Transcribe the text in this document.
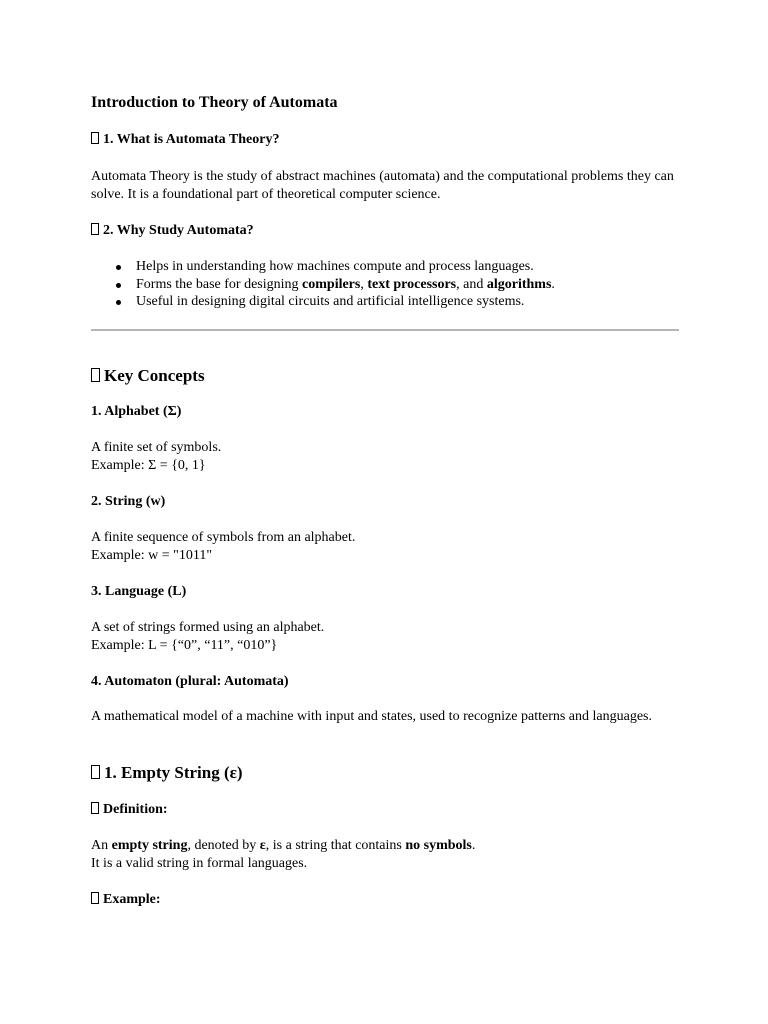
Introduction to Theory of Automata
1. What is Automata Theory?
Automata Theory is the study of abstract machines (automata) and the computational problems they can solve. It is a foundational part of theoretical computer science.
2. Why Study Automata?
Helps in understanding how machines compute and process languages.
Forms the base for designing compilers, text processors, and algorithms.
Useful in designing digital circuits and artificial intelligence systems.
Key Concepts
1. Alphabet (Σ)
A finite set of symbols.
Example: Σ = {0, 1}
2. String (w)
A finite sequence of symbols from an alphabet.
Example: w = "1011"
3. Language (L)
A set of strings formed using an alphabet.
Example: L = {“0”, “11”, “010”}
4. Automaton (plural: Automata)
A mathematical model of a machine with input and states, used to recognize patterns and languages.
1. Empty String (ε)
Definition:
An empty string, denoted by ε, is a string that contains no symbols.
It is a valid string in formal languages.
Example:
